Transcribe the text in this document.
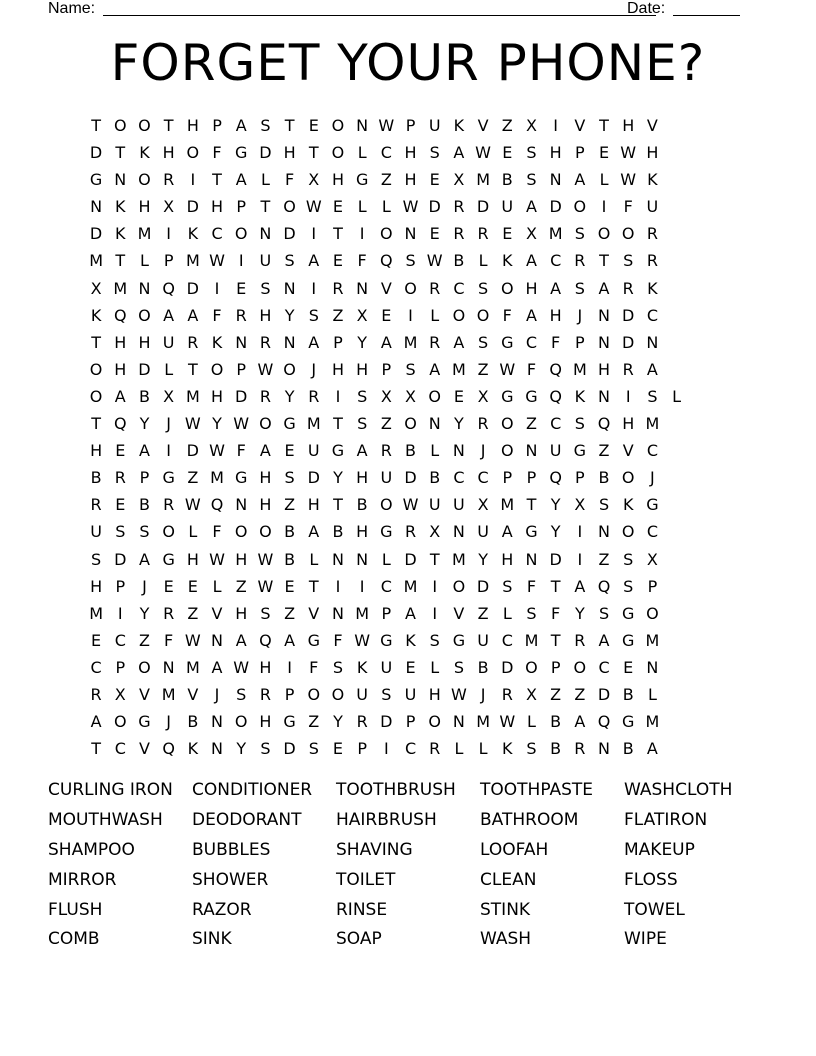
Name:	Date:
FORGET YOUR PHONE?
T O O T H P A S T E O N W P U K V Z X	I	V T H V
D T K H O F G D H T O L C H S A W E S H P E W H
G N O R	I	T A L F X H G Z H E X M B S N A L W K
N K H X D H P T O W E L L W D R D U A D O I	F U
D K M I	K C O N D I	T	I O N E R R E X M S O O R
M T L P M W I U S A E F Q S W B L K A C R T S R
X M N Q D I	E S N I	R N V O R C S O H A S A R K
K Q O A A F R H Y S Z X E	I	L O O F A H J N D C
T H H U R K N R N A P Y A M R A S G C F P N D N
O H D L T O P W O J H H P S A M Z W F Q M H R A
O A B X M H D R Y R	I	S X X O E X G G Q K N I	S L
T Q Y	J W Y W O G M T S Z O N Y R O Z C S Q H M
H E A	I D W F A E U G A R B L N J O N U G Z V C
B R P G Z M G H S D Y H U D B C C P P Q P B O J
R E B R W Q N H Z H T B O W U U X M T Y X S K G
U S S O L F O O B A B H G R X N U A G Y	I N O C
S D A G H W H W B L N N L D T M Y H N D I	Z S X
H P	J	E E L Z W E T	I	I	C M I O D S F T A Q S P
M I	Y R Z V H S Z V N M P A	I	V Z L S F Y S G O
E C Z F W N A Q A G F W G K S G U C M T R A G M
C P O N M A W H I	F S K U E L S B D O P O C E N
R X V M V	J	S R P O O U S U H W J	R X Z Z D B L
A O G J	B N O H G Z Y R D P O N M W L B A Q G M
T C V Q K N Y S D S E P	I	C R L L K S B R N B A
CURLING IRON	CONDITIONER	TOOTHBRUSH	TOOTHPASTE	WASHCLOTH
MOUTHWASH	DEODORANT	HAIRBRUSH	BATHROOM	FLATIRON
SHAMPOO	BUBBLES	SHAVING	LOOFAH	MAKEUP
MIRROR	SHOWER	TOILET	CLEAN	FLOSS
FLUSH	RAZOR	RINSE	STINK	TOWEL
COMB	SINK	SOAP	WASH	WIPE
